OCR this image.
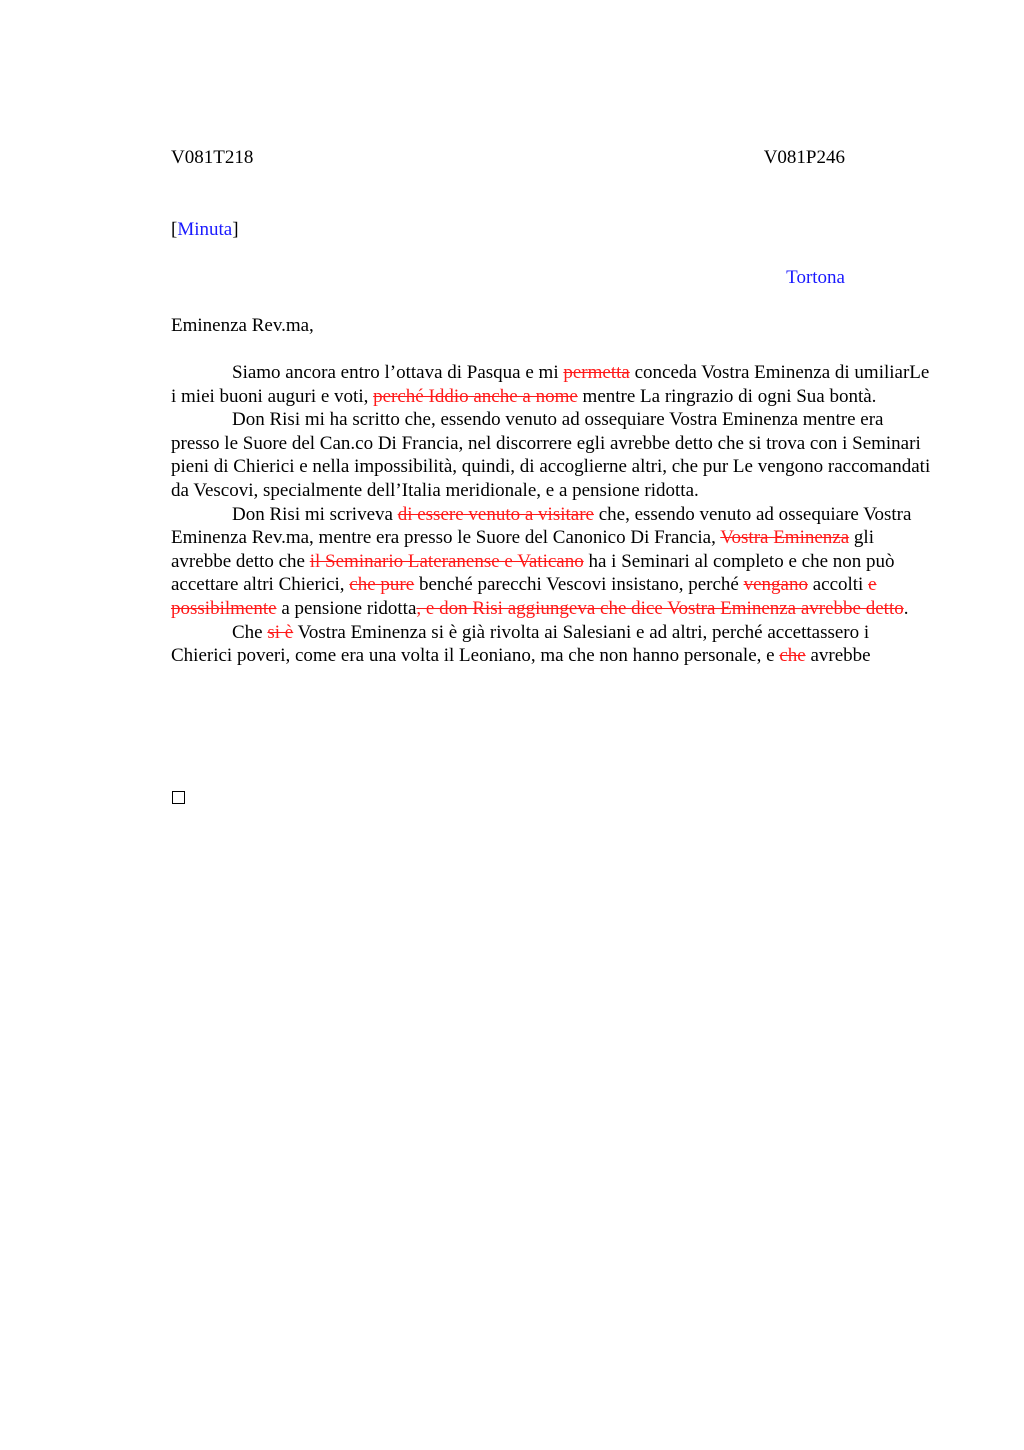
V081T218	V081P246
[Minuta]
Tortona
Eminenza Rev.ma,

Siamo ancora entro l’ottava di Pasqua e mi permetta conceda Vostra Eminenza di umiliarLe i miei buoni auguri e voti, perché Iddio anche a nome mentre La ringrazio di ogni Sua bontà.

Don Risi mi ha scritto che, essendo venuto ad ossequiare Vostra Eminenza mentre era presso le Suore del Can.co Di Francia, nel discorrere egli avrebbe detto che si trova con i Seminari pieni di Chierici e nella impossibilità, quindi, di accoglierne altri, che pur Le vengono raccomandati da Vescovi, specialmente dell’Italia meridionale, e a pensione ridotta.

Don Risi mi scriveva di essere venuto a visitare che, essendo venuto ad ossequiare Vostra Eminenza Rev.ma, mentre era presso le Suore del Canonico Di Francia, Vostra Eminenza gli avrebbe detto che il Seminario Lateranense e Vaticano ha i Seminari al completo e che non può accettare altri Chierici, che pure benché parecchi Vescovi insistano, perché vengano accolti e possibilmente a pensione ridotta, e don Risi aggiungeva che dice Vostra Eminenza avrebbe detto.

Che si è Vostra Eminenza si è già rivolta ai Salesiani e ad altri, perché accettassero i Chierici poveri, come era una volta il Leoniano, ma che non hanno personale, e che avrebbe
